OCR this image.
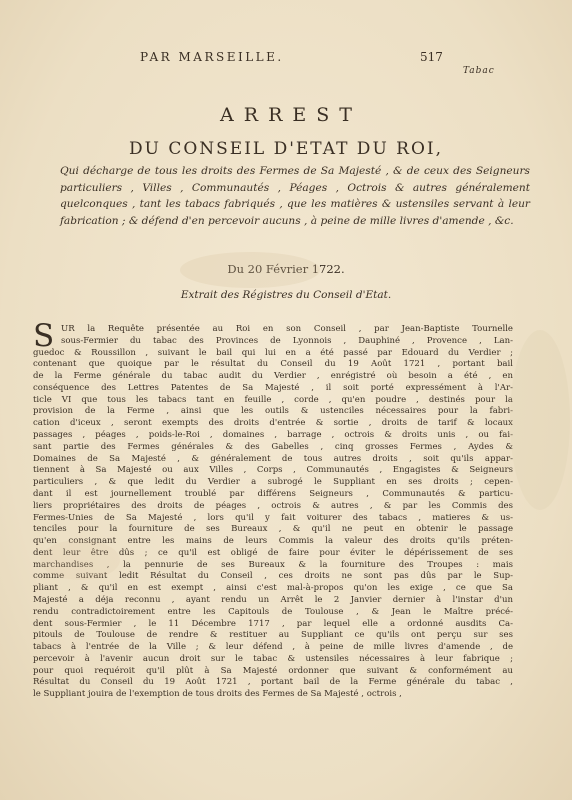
PAR MARSEILLE.	517
Tabac
ARREST
DU CONSEIL D'ETAT DU ROI,
Qui décharge de tous les droits des Fermes de Sa Majesté , & de ceux des Seigneurs particuliers , Villes , Communautés , Péages , Octrois & autres généralement quelconques , tant les tabacs fabriqués , que les matières & ustensiles servant à leur fabrication ; & défend d'en percevoir aucuns , à peine de mille livres d'amende , &c.
Du 20 Février 1722.
Extrait des Régistres du Conseil d'Etat.
S UR la Requête présentée au Roi en son Conseil , par Jean-Baptiste Tournelle
sous-Fermier du tabac des Provinces de Lyonnois , Dauphiné , Provence , Lan-
guedoc & Roussillon , suivant le bail qui lui en a été passé par Edouard du Verdier ;
contenant que quoique par le résultat du Conseil du 19 Août 1721 , portant bail
de la Ferme générale du tabac audit du Verdier , enrégistré où besoin a été , en
conséquence des Lettres Patentes de Sa Majesté , il soit porté expressément à l'Ar-
ticle VI que tous les tabacs tant en feuille , corde , qu'en poudre , destinés pour la
provision de la Ferme , ainsi que les outils & ustenciles nécessaires pour la fabri-
cation d'iceux , seront exempts des droits d'entrée & sortie , droits de tarif & locaux
passages , péages , poids-le-Roi , domaines , barrage , octrois & droits unis , ou fai-
sant partie des Fermes générales & des Gabelles , cinq grosses Fermes , Aydes &
Domaines de Sa Majesté , & généralement de tous autres droits , soit qu'ils appar-
tiennent à Sa Majesté ou aux Villes , Corps , Communautés , Engagistes & Seigneurs
particuliers , & que ledit du Verdier a subrogé le Suppliant en ses droits ; cepen-
dant il est journellement troublé par différens Seigneurs , Communautés & particu-
liers propriétaires des droits de péages , octrois & autres , & par les Commis des
Fermes-Unies de Sa Majesté , lors qu'il y fait voiturer des tabacs , matieres & us-
tenciles pour la fourniture de ses Bureaux , & qu'il ne peut en obtenir le passage
qu'en consignant entre les mains de leurs Commis la valeur des droits qu'ils préten-
dent leur être dûs ; ce qu'il est obligé de faire pour éviter le dépérissement de ses
marchandises , la pennurie de ses Bureaux & la fourniture des Troupes : mais
comme suivant ledit Résultat du Conseil , ces droits ne sont pas dûs par le Sup-
pliant , & qu'il en est exempt , ainsi c'est mal-à-propos qu'on les exige , ce que Sa
Majesté a déja reconnu , ayant rendu un Arrêt le 2 Janvier dernier à l'instar d'un
rendu contradictoirement entre les Capitouls de Toulouse , & Jean le Maître précé-
dent sous-Fermier , le 11 Décembre 1717 , par lequel elle a ordonné ausdits Ca-
pitouls de Toulouse de rendre & restituer au Suppliant ce qu'ils ont perçu sur ses
tabacs à l'entrée de la Ville ; & leur défend , à peine de mille livres d'amende , de
percevoir à l'avenir aucun droit sur le tabac & ustensiles nécessaires à leur fabrique ;
pour quoi requéroit qu'il plût à Sa Majesté ordonner que suivant & conformément au
Résultat du Conseil du 19 Août 1721 , portant bail de la Ferme générale du tabac ,
le Suppliant jouira de l'exemption de tous droits des Fermes de Sa Majesté , octrois ,
